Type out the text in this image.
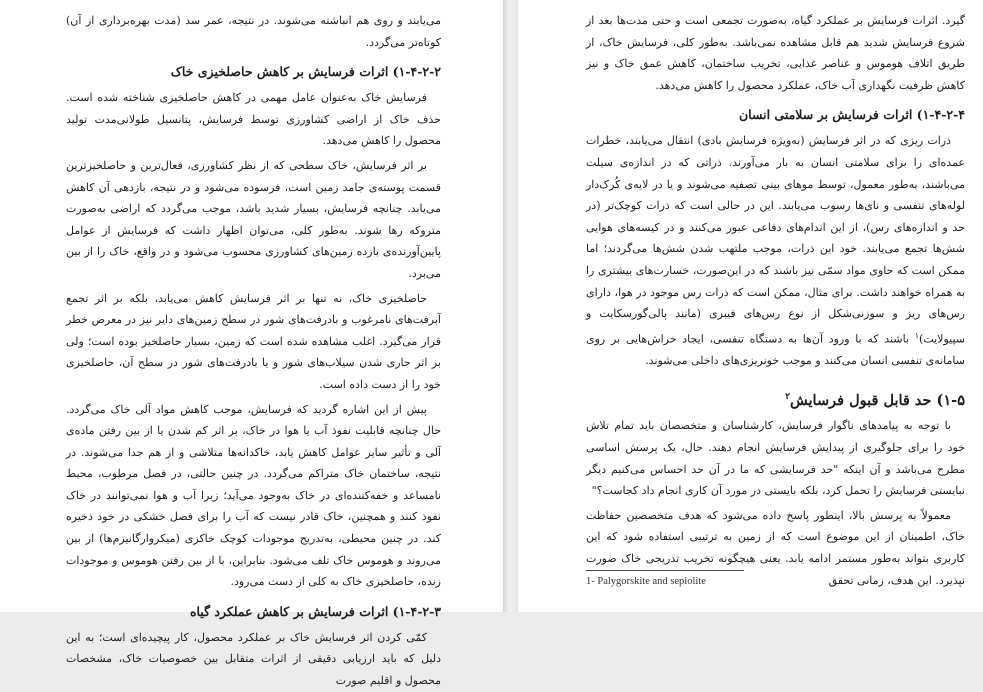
می‌یابند و روی هم انباشته می‌شوند. در نتیجه، عمر سد (مدت بهره‌برداری از آن) کوتاه‌تر می‌گردد.

۱-۴-۲-۲) اثرات فرسایش بر کاهش حاصلخیزی خاک

فرسایش خاک به‌عنوان عامل مهمی در کاهش حاصلخیزی شناخته شده است. حذف خاک از اراضی کشاورزی توسط فرسایش، پتانسیل طولانی‌مدت تولید محصول را کاهش می‌دهد.

بر اثر فرسایش، خاک سطحی که از نظر کشاورزی، فعال‌ترین و حاصلخیزترین قسمت پوسته‌ی جامد زمین است، فرسوده می‌شود و در نتیجه، بازدهی آن کاهش می‌یابد. چنانچه فرسایش، بسیار شدید باشد، موجب می‌گردد که اراضی به‌صورت متروکه رها شوند. به‌طور کلی، می‌توان اظهار داشت که فرسایش از عوامل پایین‌آورنده‌ی بازده زمین‌های کشاورزی محسوب می‌شود و در واقع، خاک را از بین می‌برد.

حاصلخیزی خاک، نه تنها بر اثر فرسایش کاهش می‌یابد، بلکه بر اثر تجمع آبرفت‌های نامرغوب و بادرفت‌های شور در سطح زمین‌های دایر نیز در معرض خطر قرار می‌گیرد. اغلب مشاهده شده است که زمین، بسیار حاصلخیز بوده است؛ ولی بر اثر جاری شدن سیلاب‌های شور و یا بادرفت‌های شور در سطح آن، حاصلخیزی خود را از دست داده است.

پیش از این اشاره گردید که فرسایش، موجب کاهش مواد آلی خاک می‌گردد. حال چنانچه قابلیت نفوذ آب یا هوا در خاک، بر اثر کم شدن یا از بین رفتن ماده‌ی آلی و تأثیر سایر عوامل کاهش یابد، خاکدانه‌ها متلاشی و از هم جدا می‌شوند. در نتیجه، ساختمان خاک متراکم می‌گردد. در چنین حالتی، در فصل مرطوب، محیط نامساعد و خفه‌کننده‌ای در خاک به‌وجود می‌آید؛ زیرا آب و هوا نمی‌توانند در خاک نفوذ کنند و همچنین، خاک قادر نیست که آب را برای فصل خشکی در خود ذخیره کند. در چنین محیطی، به‌تدریج موجودات کوچک خاکزی (میکروارگانیزم‌ها) از بین می‌روند و هوموس خاک تلف می‌شود. بنابراین، با از بین رفتن هوموس و موجودات زنده، حاصلخیزی خاک به کلی از دست می‌رود.

۱-۴-۲-۳) اثرات فرسایش بر کاهش عملکرد گیاه

کمّی کردن اثر فرسایش خاک بر عملکرد محصول، کار پیچیده‌ای است؛ به این دلیل که باید ارزیابی دقیقی از اثرات متقابل بین خصوصیات خاک، مشخصات محصول و اقلیم صورت

گیرد. اثرات فرسایش بر عملکرد گیاه، به‌صورت تجمعی است و حتی مدت‌ها بعد از شروع فرسایش شدید هم قابل مشاهده نمی‌باشد. به‌طور کلی، فرسایش خاک، از طریق اتلاف هوموس و عناصر غذایی، تخریب ساختمان، کاهش عمق خاک و نیز کاهش ظرفیت نگهداری آب خاک، عملکرد محصول را کاهش می‌دهد.

۱-۴-۲-۴) اثرات فرسایش بر سلامتی انسان

ذرات ریزی که در اثر فرسایش (به‌ویژه فرسایش بادی) انتقال می‌یابند، خطرات عمده‌ای را برای سلامتی انسان به بار می‌آورند. ذراتی که در اندازه‌ی سیلت می‌باشند، به‌طور معمول، توسط موهای بینی تصفیه می‌شوند و یا در لایه‌ی کُرک‌دار لوله‌های تنفسی و نای‌ها رسوب می‌یابند. این در حالی است که ذرات کوچک‌تر (در حد و اندازه‌های رس)، از این اندام‌های دفاعی عبور می‌کنند و در کیسه‌های هوایی شش‌ها تجمع می‌یابند. خود این ذرات، موجب ملتهب شدن شش‌ها می‌گردند؛ اما ممکن است که حاوی مواد سمّی نیز باشند که در این‌صورت، خسارت‌های بیشتری را به همراه خواهند داشت. برای مثال، ممکن است که ذرات رس موجود در هوا، دارای رس‌های ریز و سوزنی‌شکل از نوع رس‌های فیبری (مانند پالی‌گورسکایت و سپیولایت)$^۱$ باشند که با ورود آن‌ها به دستگاه تنفسی، ایجاد خراش‌هایی بر روی سامانه‌ی تنفسی انسان می‌کنند و موجب خونریزی‌های داخلی می‌شوند.

۱-۵) حد قابل قبول فرسایش$^۲$

با توجه به پیامدهای ناگوار فرسایش، کارشناسان و متخصصان باید تمام تلاش خود را برای جلوگیری از پیدایش فرسایش انجام دهند. حال، یک پرسش اساسی مطرح می‌باشد و آن اینکه "حد فرسایشی که ما در آن حد احساس می‌کنیم دیگر نبایستی فرسایش را تحمل کرد، بلکه بایستی در مورد آن کاری انجام داد کجاست؟"

معمولاً به پرسش بالا، اینطور پاسخ داده می‌شود که هدف متخصصین حفاظت خاک، اطمینان از این موضوع است که از زمین به ترتیبی استفاده شود که این کاربری بتواند به‌طور مستمر ادامه یابد. یعنی هیچگونه تخریب تدریجی خاک صورت نپذیرد. این هدف، زمانی تحقق

1- Palygorskite and sepiolite
